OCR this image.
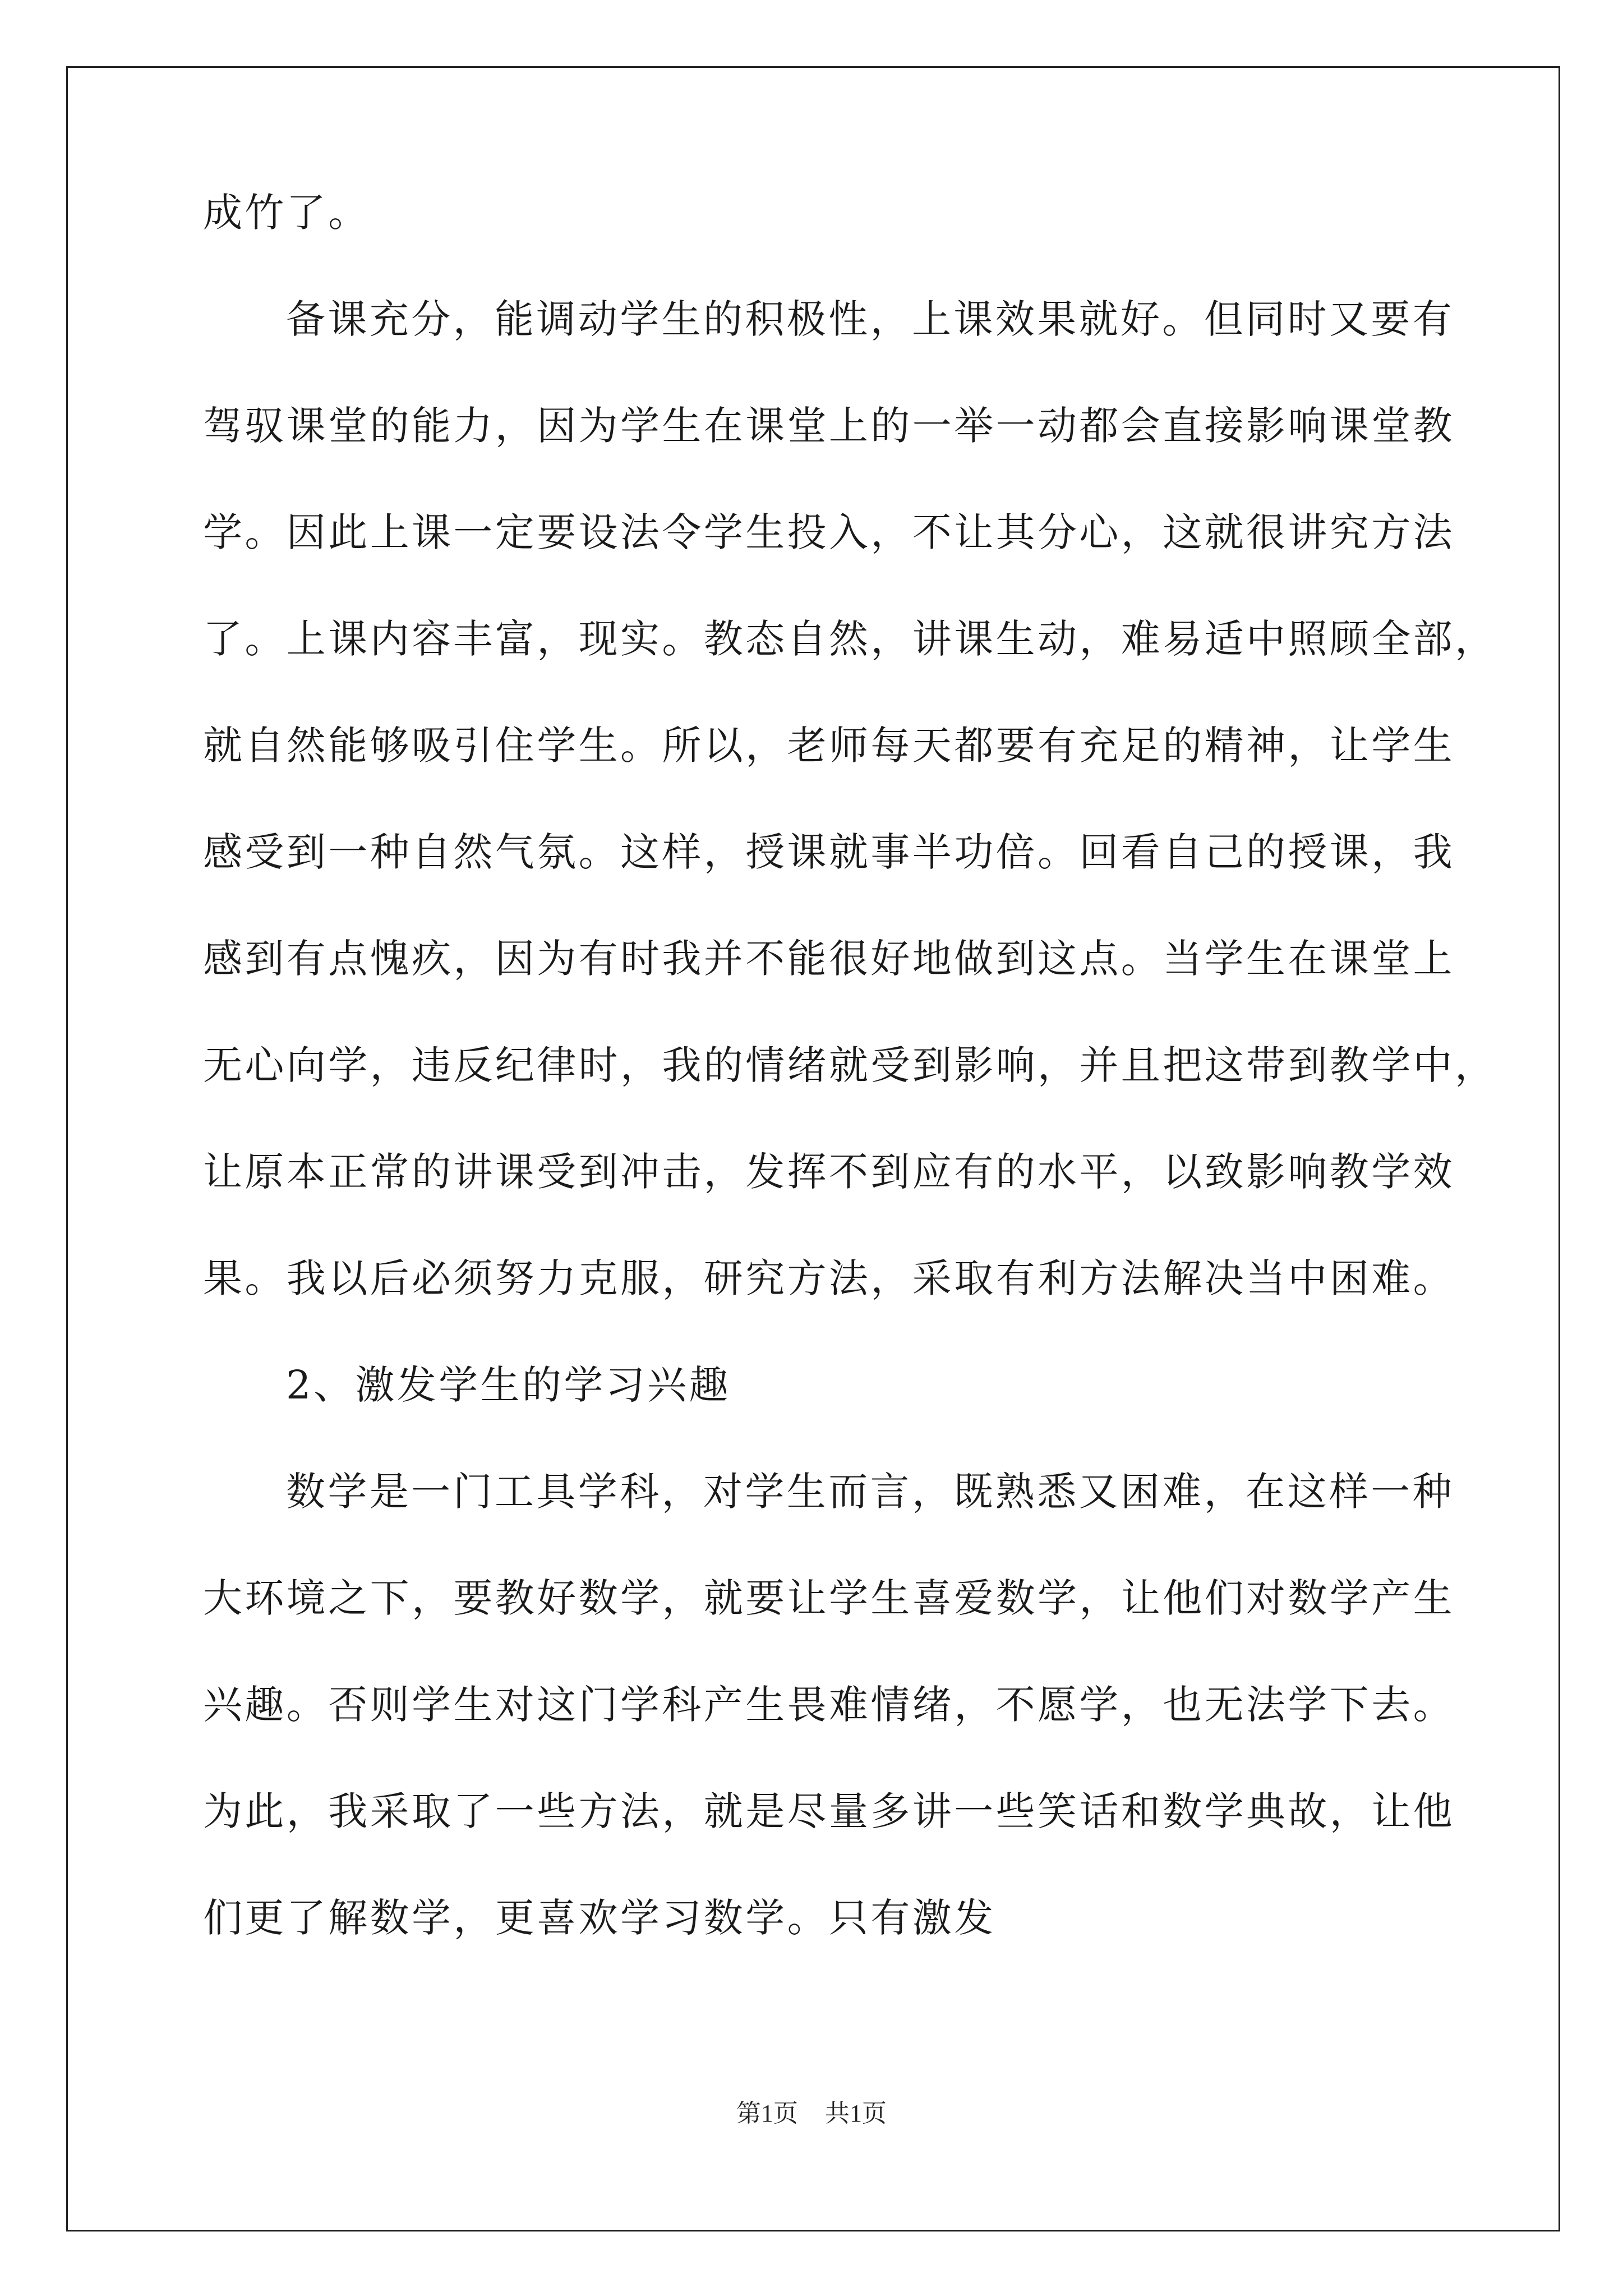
成竹了。
备课充分，能调动学生的积极性，上课效果就好。但同时又要有
驾驭课堂的能力，因为学生在课堂上的一举一动都会直接影响课堂教
学。因此上课一定要设法令学生投入，不让其分心，这就很讲究方法
了。上课内容丰富，现实。教态自然，讲课生动，难易适中照顾全部，
就自然能够吸引住学生。所以，老师每天都要有充足的精神，让学生
感受到一种自然气氛。这样，授课就事半功倍。回看自己的授课，我
感到有点愧疚，因为有时我并不能很好地做到这点。当学生在课堂上
无心向学，违反纪律时，我的情绪就受到影响，并且把这带到教学中，
让原本正常的讲课受到冲击，发挥不到应有的水平，以致影响教学效
果。我以后必须努力克服，研究方法，采取有利方法解决当中困难。
2、激发学生的学习兴趣
数学是一门工具学科，对学生而言，既熟悉又困难，在这样一种
大环境之下，要教好数学，就要让学生喜爱数学，让他们对数学产生
兴趣。否则学生对这门学科产生畏难情绪，不愿学，也无法学下去。
为此，我采取了一些方法，就是尽量多讲一些笑话和数学典故，让他
们更了解数学，更喜欢学习数学。只有激发
第1页 共1页
